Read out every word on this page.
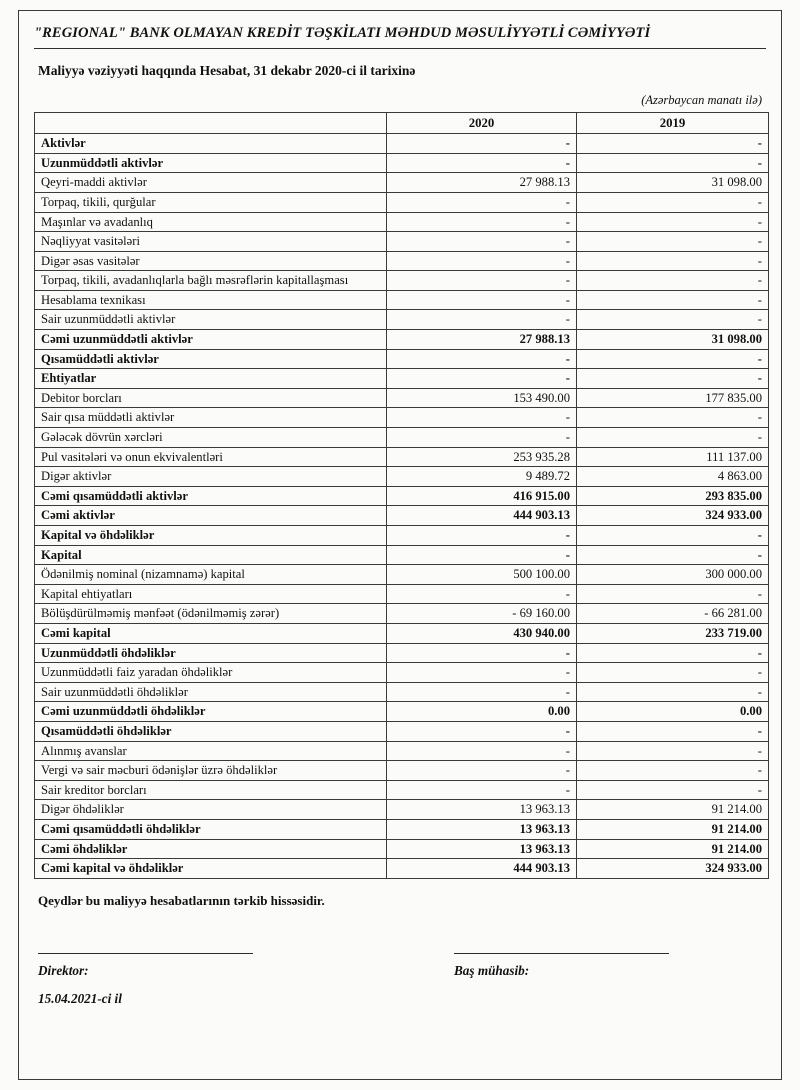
"REGIONAL" BANK OLMAYAN KREDİT TƏŞKİLATI MƏHDUD MƏSULİYYƏTLİ CƏMİYYƏTİ
Maliyyə vəziyyəti haqqında Hesabat, 31 dekabr 2020-ci il tarixinə
(Azərbaycan manatı ilə)
	2020	2019
Aktivlər	-	-
Uzunmüddətli aktivlər	-	-
Qeyri-maddi aktivlər	27 988.13	31 098.00
Torpaq, tikili, qurğular	-	-
Maşınlar və avadanlıq	-	-
Nəqliyyat vasitələri	-	-
Digər əsas vasitələr	-	-
Torpaq, tikili, avadanlıqlarla bağlı məsrəflərin kapitallaşması	-	-
Hesablama texnikası	-	-
Sair uzunmüddətli aktivlər	-	-
Cəmi uzunmüddətli aktivlər	27 988.13	31 098.00
Qısamüddətli aktivlər	-	-
Ehtiyatlar	-	-
Debitor borcları	153 490.00	177 835.00
Sair qısa müddətli aktivlər	-	-
Gələcək dövrün xərcləri	-	-
Pul vasitələri və onun ekvivalentləri	253 935.28	111 137.00
Digər aktivlər	9 489.72	4 863.00
Cəmi qısamüddətli aktivlər	416 915.00	293 835.00
Cəmi aktivlər	444 903.13	324 933.00
Kapital və öhdəliklər	-	-
Kapital	-	-
Ödənilmiş nominal (nizamnamə) kapital	500 100.00	300 000.00
Kapital ehtiyatları	-	-
Bölüşdürülməmiş mənfəət (ödənilməmiş zərər)	- 69 160.00	- 66 281.00
Cəmi kapital	430 940.00	233 719.00
Uzunmüddətli öhdəliklər	-	-
Uzunmüddətli faiz yaradan öhdəliklər	-	-
Sair uzunmüddətli öhdəliklər	-	-
Cəmi uzunmüddətli öhdəliklər	0.00	0.00
Qısamüddətli öhdəliklər	-	-
Alınmış avanslar	-	-
Vergi və sair məcburi ödənişlər üzrə öhdəliklər	-	-
Sair kreditor borcları	-	-
Digər öhdəliklər	13 963.13	91 214.00
Cəmi qısamüddətli öhdəliklər	13 963.13	91 214.00
Cəmi öhdəliklər	13 963.13	91 214.00
Cəmi kapital və öhdəliklər	444 903.13	324 933.00
Qeydlər bu maliyyə hesabatlarının tərkib hissəsidir.
Direktor:
15.04.2021-ci il
Baş mühasib:
